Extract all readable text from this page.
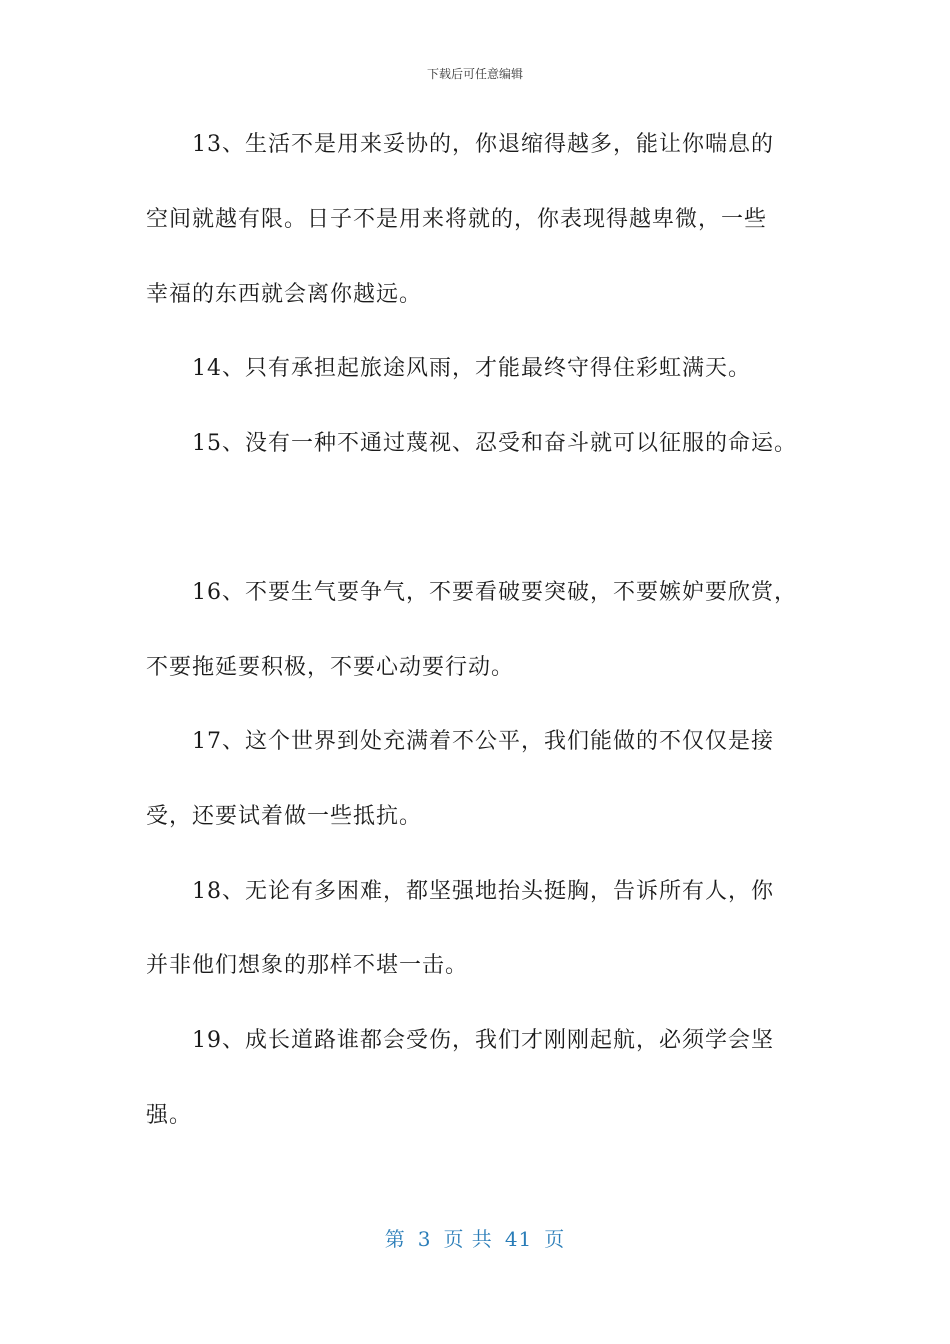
下载后可任意编辑
13、生活不是用来妥协的，你退缩得越多，能让你喘息的
空间就越有限。日子不是用来将就的，你表现得越卑微，一些
幸福的东西就会离你越远。
14、只有承担起旅途风雨，才能最终守得住彩虹满天。
15、没有一种不通过蔑视、忍受和奋斗就可以征服的命运。
16、不要生气要争气，不要看破要突破，不要嫉妒要欣赏，
不要拖延要积极，不要心动要行动。
17、这个世界到处充满着不公平，我们能做的不仅仅是接
受，还要试着做一些抵抗。
18、无论有多困难，都坚强地抬头挺胸，告诉所有人，你
并非他们想象的那样不堪一击。
19、成长道路谁都会受伤，我们才刚刚起航，必须学会坚
强。
第 3 页 共 41 页
